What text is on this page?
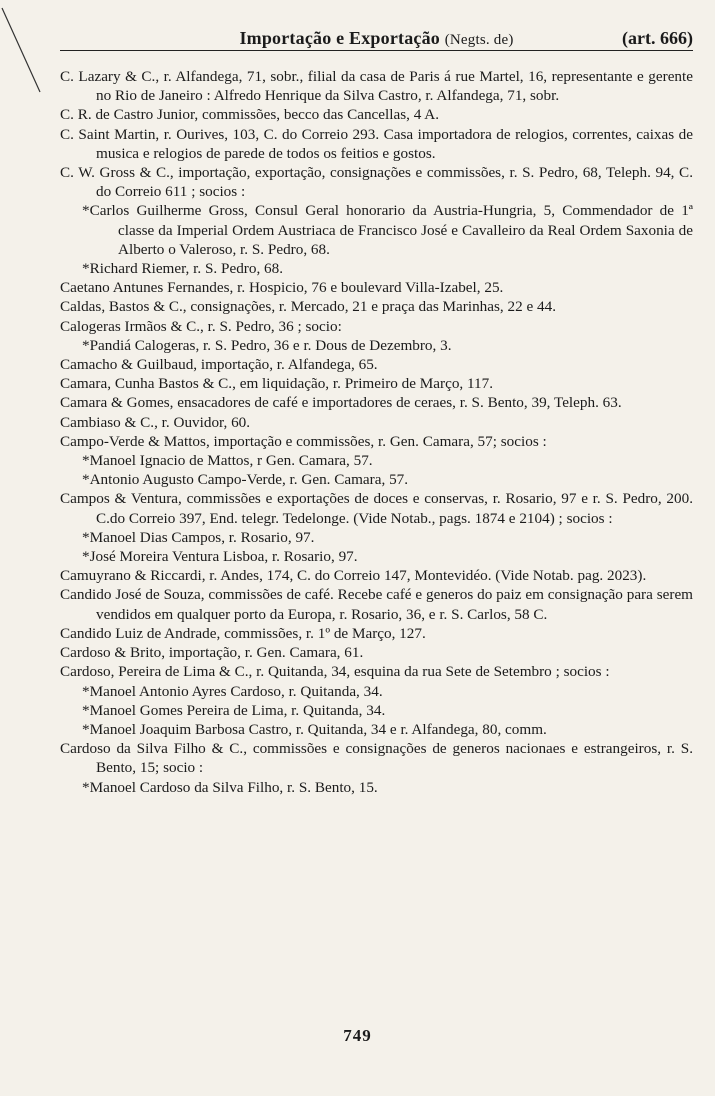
Importação e Exportação (Negts. de)	(art. 666)

C. Lazary & C., r. Alfandega, 71, sobr., filial da casa de Paris á rue Martel, 16, representante e gerente no Rio de Janeiro : Alfredo Henrique da Silva Castro, r. Alfandega, 71, sobr.

C. R. de Castro Junior, commissões, becco das Cancellas, 4 A.

C. Saint Martin, r. Ourives, 103, C. do Correio 293. Casa importadora de relogios, correntes, caixas de musica e relogios de parede de todos os feitios e gostos.

C. W. Gross & C., importação, exportação, consignações e commissões, r. S. Pedro, 68, Teleph. 94, C. do Correio 611 ; socios :

*Carlos Guilherme Gross, Consul Geral honorario da Austria-Hungria, 5, Commendador de 1ª classe da Imperial Ordem Austriaca de Francisco José e Cavalleiro da Real Ordem Saxonia de Alberto o Valeroso, r. S. Pedro, 68.

*Richard Riemer, r. S. Pedro, 68.

Caetano Antunes Fernandes, r. Hospicio, 76 e boulevard Villa-Izabel, 25.

Caldas, Bastos & C., consignações, r. Mercado, 21 e praça das Marinhas, 22 e 44.

Calogeras Irmãos & C., r. S. Pedro, 36 ; socio:

*Pandiá Calogeras, r. S. Pedro, 36 e r. Dous de Dezembro, 3.

Camacho & Guilbaud, importação, r. Alfandega, 65.

Camara, Cunha Bastos & C., em liquidação, r. Primeiro de Março, 117.

Camara & Gomes, ensacadores de café e importadores de ceraes, r. S. Bento, 39, Teleph. 63.

Cambiaso & C., r. Ouvidor, 60.

Campo-Verde & Mattos, importação e commissões, r. Gen. Camara, 57; socios :

*Manoel Ignacio de Mattos, r Gen. Camara, 57.

*Antonio Augusto Campo-Verde, r. Gen. Camara, 57.

Campos & Ventura, commissões e exportações de doces e conservas, r. Rosario, 97 e r. S. Pedro, 200. C.do Correio 397, End. telegr. Tedelonge. (Vide Notab., pags. 1874 e 2104) ; socios :

*Manoel Dias Campos, r. Rosario, 97.

*José Moreira Ventura Lisboa, r. Rosario, 97.

Camuyrano & Riccardi, r. Andes, 174, C. do Correio 147, Montevidéo. (Vide Notab. pag. 2023).

Candido José de Souza, commissões de café. Recebe café e generos do paiz em consignação para serem vendidos em qualquer porto da Europa, r. Rosario, 36, e r. S. Carlos, 58 C.

Candido Luiz de Andrade, commissões, r. 1º de Março, 127.

Cardoso & Brito, importação, r. Gen. Camara, 61.

Cardoso, Pereira de Lima & C., r. Quitanda, 34, esquina da rua Sete de Setembro ; socios :

*Manoel Antonio Ayres Cardoso, r. Quitanda, 34.

*Manoel Gomes Pereira de Lima, r. Quitanda, 34.

*Manoel Joaquim Barbosa Castro, r. Quitanda, 34 e r. Alfandega, 80, comm.

Cardoso da Silva Filho & C., commissões e consignações de generos nacionaes e estrangeiros, r. S. Bento, 15; socio :

*Manoel Cardoso da Silva Filho, r. S. Bento, 15.

749
